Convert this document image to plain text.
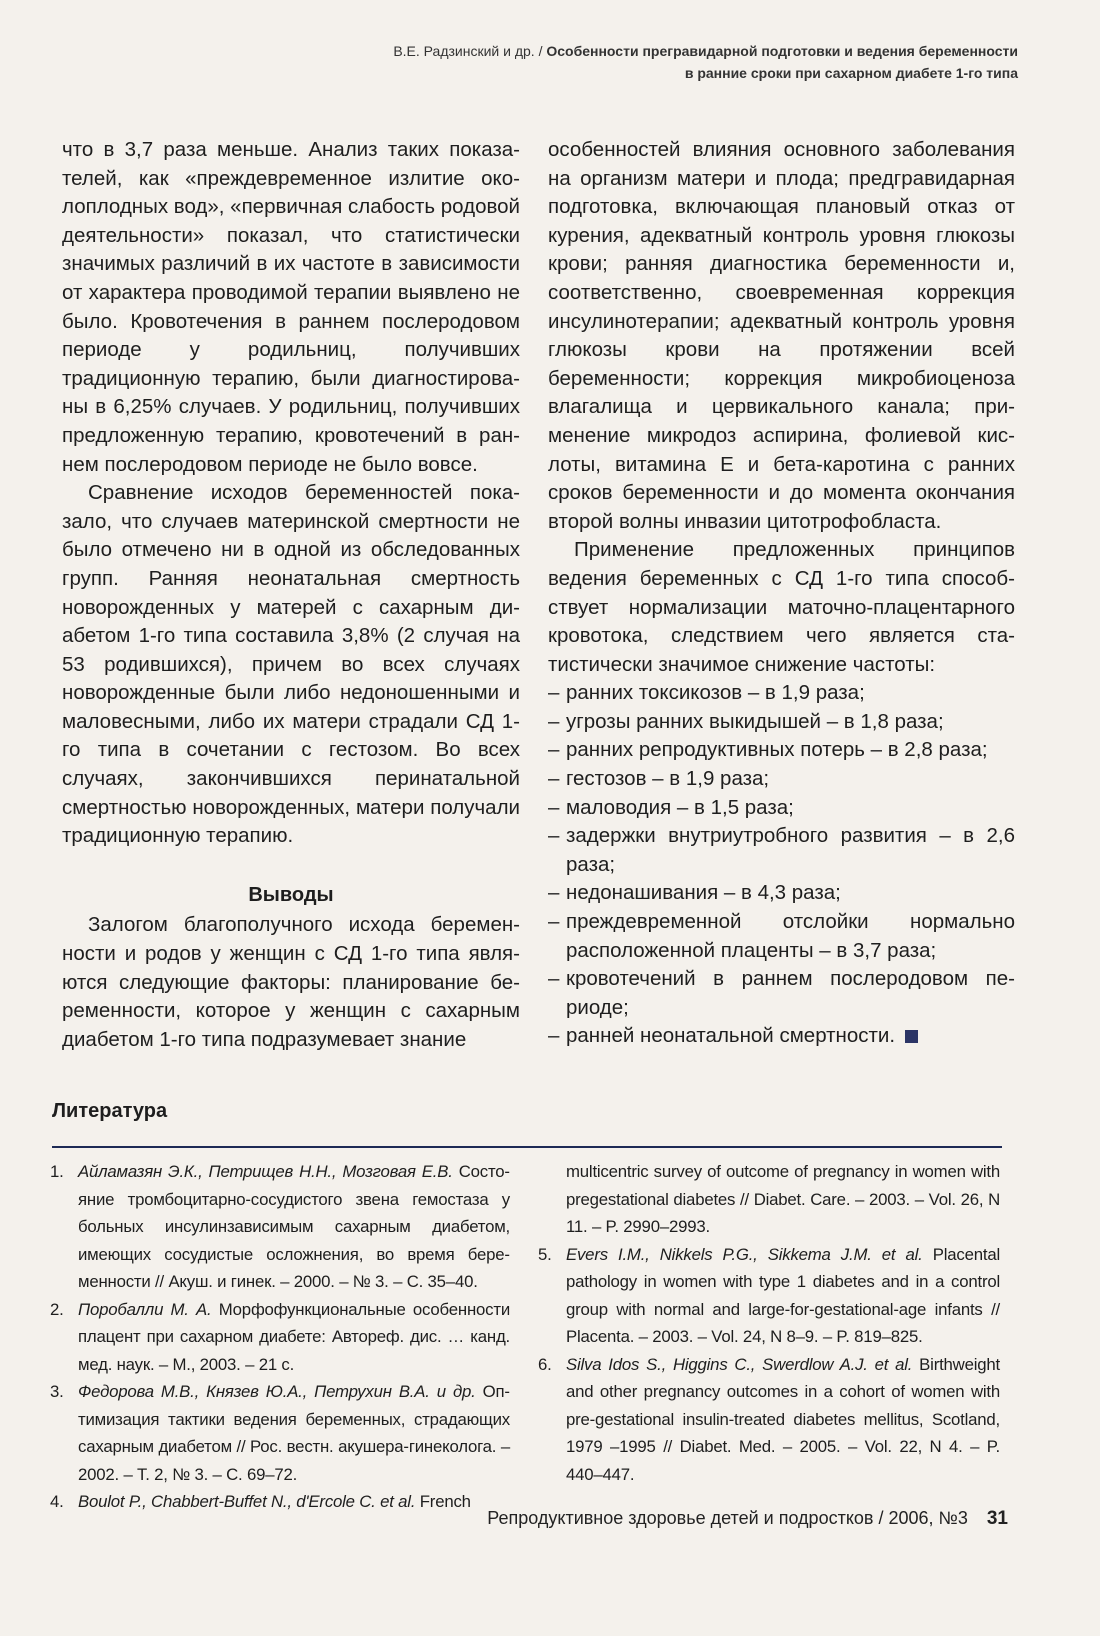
В.Е. Радзинский и др. / Особенности прегравидарной подготовки и ведения беременности
в ранние сроки при сахарном диабете 1-го типа

что в 3,7 раза меньше. Анализ таких показателей, как «преждевременное излитие околоплодных вод», «первичная слабость родовой деятельности» показал, что статистически значимых различий в их частоте в зависимости от характера проводимой терапии выявлено не было. Кровотечения в раннем послеродовом периоде у родильниц, получивших традиционную терапию, были диагностированы в 6,25% случаев. У родильниц, получивших предложенную терапию, кровотечений в раннем послеродовом периоде не было вовсе.

Сравнение исходов беременностей показало, что случаев материнской смертности не было отмечено ни в одной из обследованных групп. Ранняя неонатальная смертность новорожденных у матерей с сахарным диабетом 1-го типа составила 3,8% (2 случая на 53 родившихся), причем во всех случаях новорожденные были либо недоношенными и маловесными, либо их матери страдали СД 1-го типа в сочетании с гестозом. Во всех случаях, закончившихся перинатальной смертностью новорожденных, матери получали традиционную терапию.

Выводы

Залогом благополучного исхода беременности и родов у женщин с СД 1-го типа являются следующие факторы: планирование беременности, которое у женщин с сахарным диабетом 1-го типа подразумевает знание

особенностей влияния основного заболевания на организм матери и плода; предгравидарная подготовка, включающая плановый отказ от курения, адекватный контроль уровня глюкозы крови; ранняя диагностика беременности и, соответственно, своевременная коррекция инсулинотерапии; адекватный контроль уровня глюкозы крови на протяжении всей беременности; коррекция микробиоценоза влагалища и цервикального канала; применение микродоз аспирина, фолиевой кислоты, витамина Е и бета-каротина с ранних сроков беременности и до момента окончания второй волны инвазии цитотрофобласта.

Применение предложенных принципов ведения беременных с СД 1-го типа способствует нормализации маточно-плацентарного кровотока, следствием чего является статистически значимое снижение частоты:

– ранних токсикозов – в 1,9 раза;
– угрозы ранних выкидышей – в 1,8 раза;
– ранних репродуктивных потерь – в 2,8 раза;
– гестозов – в 1,9 раза;
– маловодия – в 1,5 раза;
– задержки внутриутробного развития – в 2,6 раза;
– недонашивания – в 4,3 раза;
– преждевременной отслойки нормально расположенной плаценты – в 3,7 раза;
– кровотечений в раннем послеродовом периоде;
– ранней неонатальной смертности.
Литература
1. Айламазян Э.К., Петрищев Н.Н., Мозговая Е.В. Состояние тромбоцитарно-сосудистого звена гемостаза у больных инсулинзависимым сахарным диабетом, имеющих сосудистые осложнения, во время беременности // Акуш. и гинек. – 2000. – № 3. – С. 35–40.
2. Поробалли М. А. Морфофункциональные особенности плацент при сахарном диабете: Автореф. дис. … канд. мед. наук. – М., 2003. – 21 с.
3. Федорова М.В., Князев Ю.А., Петрухин В.А. и др. Оптимизация тактики ведения беременных, страдающих сахарным диабетом // Рос. вестн. акушера-гинеколога. – 2002. – Т. 2, № 3. – С. 69–72.
4. Boulot P., Chabbert-Buffet N., d'Ercole C. et al. French
multicentric survey of outcome of pregnancy in women with pregestational diabetes // Diabet. Care. – 2003. – Vol. 26, N 11. – P. 2990–2993.
5. Evers I.M., Nikkels P.G., Sikkema J.M. et al. Placental pathology in women with type 1 diabetes and in a control group with normal and large-for-gestational-age infants // Placenta. – 2003. – Vol. 24, N 8–9. – P. 819–825.
6. Silva Idos S., Higgins C., Swerdlow A.J. et al. Birthweight and other pregnancy outcomes in a cohort of women with pre-gestational insulin-treated diabetes mellitus, Scotland, 1979 –1995 // Diabet. Med. – 2005. – Vol. 22, N 4. – P. 440–447.
Репродуктивное здоровье детей и подростков / 2006, №3 31
